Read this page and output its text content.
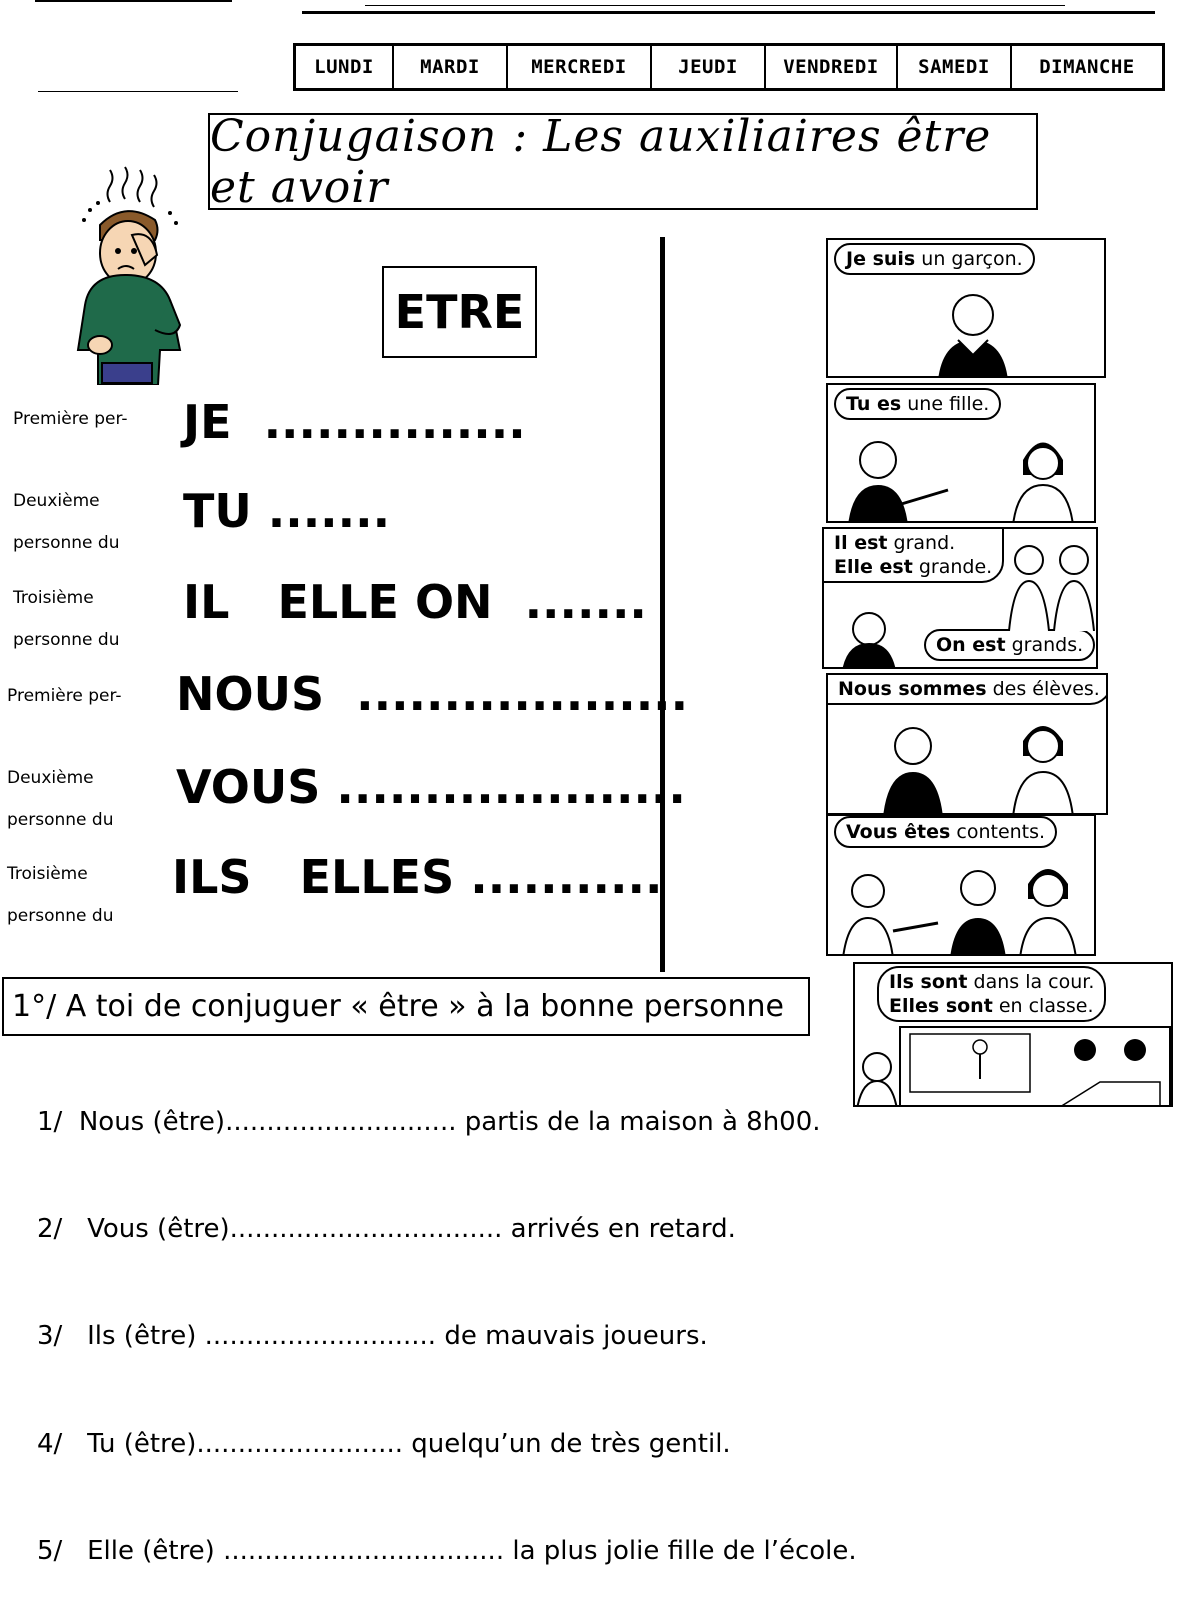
LUNDI	MARDI	MERCREDI	JEUDI	VENDREDI	SAMEDI	DIMANCHE
Conjugaison : Les auxiliaires être et avoir
ETRE
Première per- JE  ...............
Deuxième
personne du
TU .......
Troisième
personne du
IL   ELLE ON  .......
Première per- NOUS  ...................
Deuxième
personne du
VOUS ....................
Troisième
personne du
ILS   ELLES ...........
Je suis un garçon.
Tu es une fille.
Il est grand.
Elle est grande.
On est grands.
Nous sommes des élèves.
Vous êtes contents.
Ils sont dans la cour.
Elles sont en classe.
1°/ A toi de conjuguer « être » à la bonne personne
1/  Nous (être)............................ partis de la maison à 8h00.
2/   Vous (être)................................. arrivés en retard.
3/   Ils (être) ............................ de mauvais joueurs.
4/   Tu (être)......................... quelqu’un de très gentil.
5/   Elle (être) .................................. la plus jolie fille de l’école.
